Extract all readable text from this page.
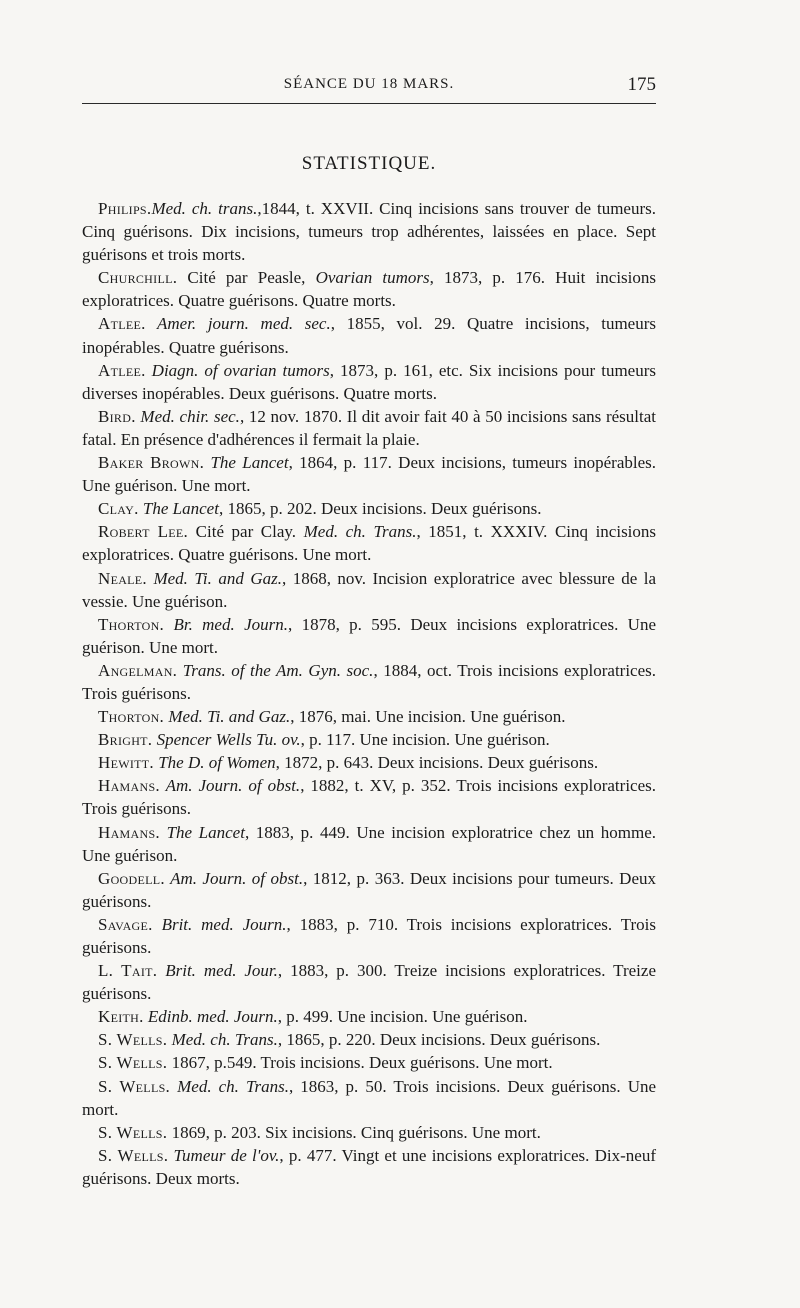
SÉANCE DU 18 MARS.	175
STATISTIQUE.

Philips.Med. ch. trans.,1844, t. XXVII. Cinq incisions sans trouver de tumeurs. Cinq guérisons. Dix incisions, tumeurs trop adhérentes, laissées en place. Sept guérisons et trois morts.

Churchill. Cité par Peasle, Ovarian tumors, 1873, p. 176. Huit incisions exploratrices. Quatre guérisons. Quatre morts.

Atlee. Amer. journ. med. sec., 1855, vol. 29. Quatre incisions, tumeurs inopérables. Quatre guérisons.

Atlee. Diagn. of ovarian tumors, 1873, p. 161, etc. Six incisions pour tumeurs diverses inopérables. Deux guérisons. Quatre morts.

Bird. Med. chir. sec., 12 nov. 1870. Il dit avoir fait 40 à 50 incisions sans résultat fatal. En présence d'adhérences il fermait la plaie.

Baker Brown. The Lancet, 1864, p. 117. Deux incisions, tumeurs inopérables. Une guérison. Une mort.

Clay. The Lancet, 1865, p. 202. Deux incisions. Deux guérisons.

Robert Lee. Cité par Clay. Med. ch. Trans., 1851, t. XXXIV. Cinq incisions exploratrices. Quatre guérisons. Une mort.

Neale. Med. Ti. and Gaz., 1868, nov. Incision exploratrice avec blessure de la vessie. Une guérison.

Thorton. Br. med. Journ., 1878, p. 595. Deux incisions exploratrices. Une guérison. Une mort.

Angelman. Trans. of the Am. Gyn. soc., 1884, oct. Trois incisions exploratrices. Trois guérisons.

Thorton. Med. Ti. and Gaz., 1876, mai. Une incision. Une guérison.

Bright. Spencer Wells Tu. ov., p. 117. Une incision. Une guérison.

Hewitt. The D. of Women, 1872, p. 643. Deux incisions. Deux guérisons.

Hamans. Am. Journ. of obst., 1882, t. XV, p. 352. Trois incisions exploratrices. Trois guérisons.

Hamans. The Lancet, 1883, p. 449. Une incision exploratrice chez un homme. Une guérison.

Goodell. Am. Journ. of obst., 1812, p. 363. Deux incisions pour tumeurs. Deux guérisons.

Savage. Brit. med. Journ., 1883, p. 710. Trois incisions exploratrices. Trois guérisons.

L. Tait. Brit. med. Jour., 1883, p. 300. Treize incisions exploratrices. Treize guérisons.

Keith. Edinb. med. Journ., p. 499. Une incision. Une guérison.

S. Wells. Med. ch. Trans., 1865, p. 220. Deux incisions. Deux guérisons.

S. Wells. 1867, p.549. Trois incisions. Deux guérisons. Une mort.

S. Wells. Med. ch. Trans., 1863, p. 50. Trois incisions. Deux guérisons. Une mort.

S. Wells. 1869, p. 203. Six incisions. Cinq guérisons. Une mort.

S. Wells. Tumeur de l'ov., p. 477. Vingt et une incisions exploratrices. Dix-neuf guérisons. Deux morts.
